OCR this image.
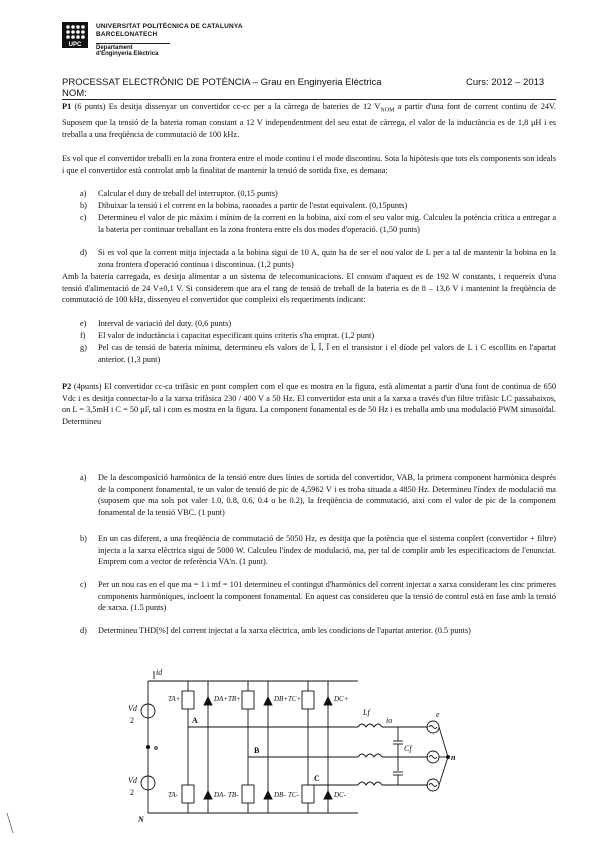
UPC
UNIVERSITAT POLITÈCNICA DE CATALUNYA
BARCELONATECH
Departament d'Enginyeria Elèctrica
PROCESSAT ELECTRÒNIC DE POTÈNCIA – Grau en Enginyeria Elèctrica	Curs: 2012 – 2013
NOM:
P1 (6 punts) Es desitja dissenyar un convertidor cc-cc per a la càrrega de bateries de 12 $V_{NOM}$ a partir d'una font de corrent continu de 24V. Suposem que la tensió de la bateria roman constant a 12 V independentment del seu estat de càrrega, el valor de la inductància es de 1,8 μH i es treballa a una freqüència de commutació de 100 kHz.
Es vol que el convertidor treballi en la zona frontera entre el mode continu i el mode discontinu. Sota la hipòtesis que tots els components son ideals i que el convertidor està controlat amb la finalitat de mantenir la tensió de sortida fixe, es demana:
a) Calcular el duty de treball del interruptor. (0,15 punts)
b) Dibuixar la tensió i el corrent en la bobina, raonades a partir de l'estat equivalent. (0,15punts)
c) Determineu el valor de pic màxim i mínim de la corrent en la bobina, així com el seu valor mig. Calculeu la potència crítica a entregar a la bateria per continuar treballant en la zona frontera entre els dos modes d'operació. (1,50 punts)
d) Si es vol que la corrent mitja injectada a la bobina sigui de 10 A, quin ha de ser el nou valor de L per a tal de mantenir la bobina en la zona frontera d'operació continua i discontinua. (1,2 punts)
Amb la bateria carregada, es desitja alimentar a un sistema de telecomunicacions. El consum d'aquest es de 192 W constants, i requereix d'una tensió d'alimentació de 24 V±0,1 V. Si considerem que ara el rang de tensió de treball de la bateria es de 8 – 13,6 V i mantenint la freqüència de commutació de 100 kHz, dissenyeu el convertidor que compleixi els requeriments indicant:
e) Interval de variació del duty. (0,6 punts)
f) El valor de inductància i capacitat especificant quins criteris s'ha emprat. (1,2 punt)
g) Pel cas de tensió de bateria mínima, determineu els valors de Ī, Î, Ĭ en el transistor i el díode pel valors de L i C escollits en l'apartat anterior. (1,3 punt)
P2 (4punts) El convertidor cc-ca trifàsic en pont complert com el que es mostra en la figura, està alimentat a partir d'una font de continua de 650 Vdc i es desitja connectar-lo a la xarxa trifàsica 230 / 400 V a 50 Hz. El convertidor esta unit a la xarxa a través d'un filtre trifàsic LC passabaixos, on L = 3,5mH i C = 50 μF, tal i com es mostra en la figura. La component fonamental es de 50 Hz i es treballa amb una modulació PWM sinusoïdal. Determineu
a) De la descomposició harmònica de la tensió entre dues línies de sortida del convertidor, VAB, la primera component harmònica després de la component fonamental, te un valor de tensió de pic de 4,5962 V i es troba situada a 4850 Hz. Determineu l'índex de modulació ma (suposem que ma sols pot valer 1.0, 0.8, 0.6, 0.4 o be 0.2), la freqüència de commutació, així com el valor de pic de la component fonamental de la tensió VBC. (1 punt)
b) En un cas diferent, a una freqüència de commutació de 5050 Hz, es desitja que la potència que el sistema conplert (convertidor + filtre) injecta a la xarxa elèctrica sigui de 5000 W. Calculeu l'índex de modulació, ma, per tal de complir amb les especificacions de l'enunciat. Emprem com a vector de referència VA'n. (1 punt).
c) Per un nou cas en el que ma = 1 i mf = 101 determineu el contingut d'harmònics del corrent injectat a xarxa considerant les cinc primeres components harmòniques, incloent la component fonamental. En aquest cas considereu que la tensió de control està en fase amb la tensió de xarxa. (1.5 punts)
d) Determineu THD[%] del corrent injectat a la xarxa elèctrica, amb les condicions de l'apartat anterior. (0.5 punts)
id
Vd
2
Vd
2
o
N
TA+	DA+ TB+	DB+ TC+	DC+
TA-	DA- TB-	DB- TC-	DC-
A
B
C
Lf
io
Cf
e
n
